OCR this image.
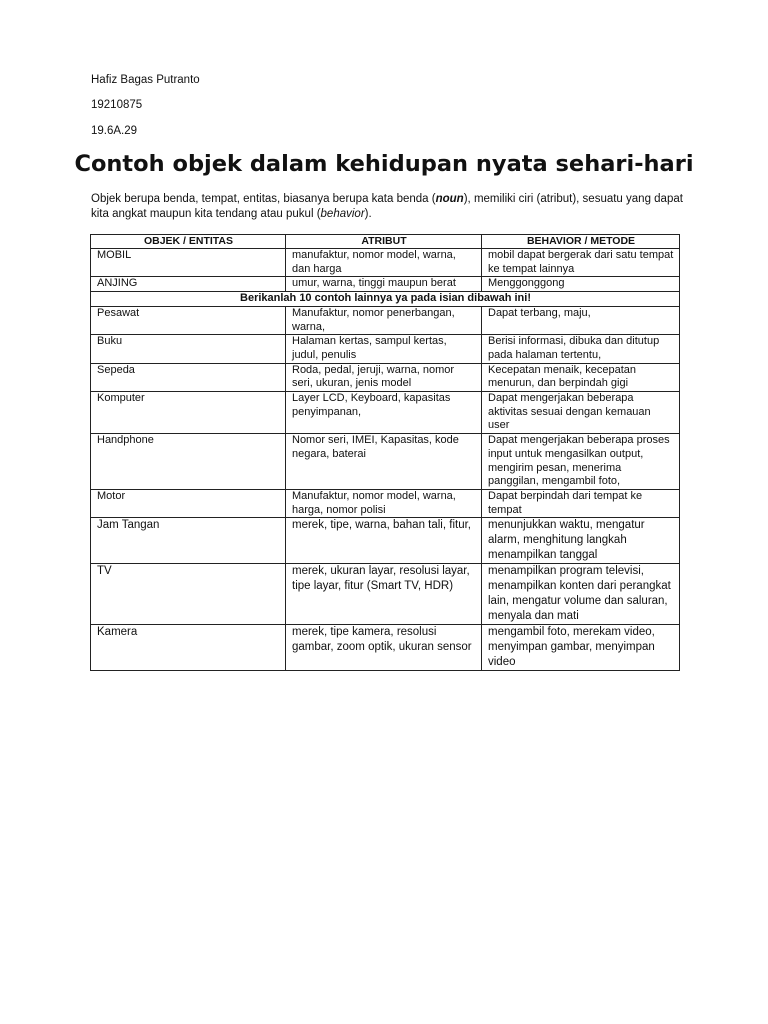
Hafiz Bagas Putranto
19210875
19.6A.29
Contoh objek dalam kehidupan nyata sehari-hari
Objek berupa benda, tempat, entitas, biasanya berupa kata benda (noun), memiliki ciri (atribut), sesuatu yang dapat kita angkat maupun kita tendang atau pukul (behavior).
OBJEK / ENTITAS	ATRIBUT	BEHAVIOR / METODE
MOBIL	manufaktur, nomor model, warna, dan harga	mobil dapat bergerak dari satu tempat ke tempat lainnya
ANJING	umur, warna, tinggi maupun berat	Menggonggong
Berikanlah 10 contoh lainnya ya pada isian dibawah ini!		
Pesawat	Manufaktur, nomor penerbangan, warna,	Dapat terbang, maju,
Buku	Halaman kertas, sampul kertas, judul, penulis	Berisi informasi, dibuka dan ditutup pada halaman tertentu,
Sepeda	Roda, pedal, jeruji, warna, nomor seri, ukuran, jenis model	Kecepatan menaik, kecepatan menurun, dan berpindah gigi
Komputer	Layer LCD, Keyboard, kapasitas penyimpanan,	Dapat mengerjakan beberapa aktivitas sesuai dengan kemauan user
Handphone	Nomor seri, IMEI, Kapasitas, kode negara, baterai	Dapat mengerjakan beberapa proses input untuk mengasilkan output, mengirim pesan, menerima panggilan, mengambil foto,
Motor	Manufaktur, nomor model, warna, harga, nomor polisi	Dapat berpindah dari tempat ke tempat
Jam Tangan	merek, tipe, warna, bahan tali, fitur,	menunjukkan waktu, mengatur alarm, menghitung langkah menampilkan tanggal
TV	merek, ukuran layar, resolusi layar, tipe layar, fitur (Smart TV, HDR)	menampilkan program televisi, menampilkan konten dari perangkat lain, mengatur volume dan saluran, menyala dan mati
Kamera	merek, tipe kamera, resolusi gambar, zoom optik, ukuran sensor	mengambil foto, merekam video, menyimpan gambar, menyimpan video
